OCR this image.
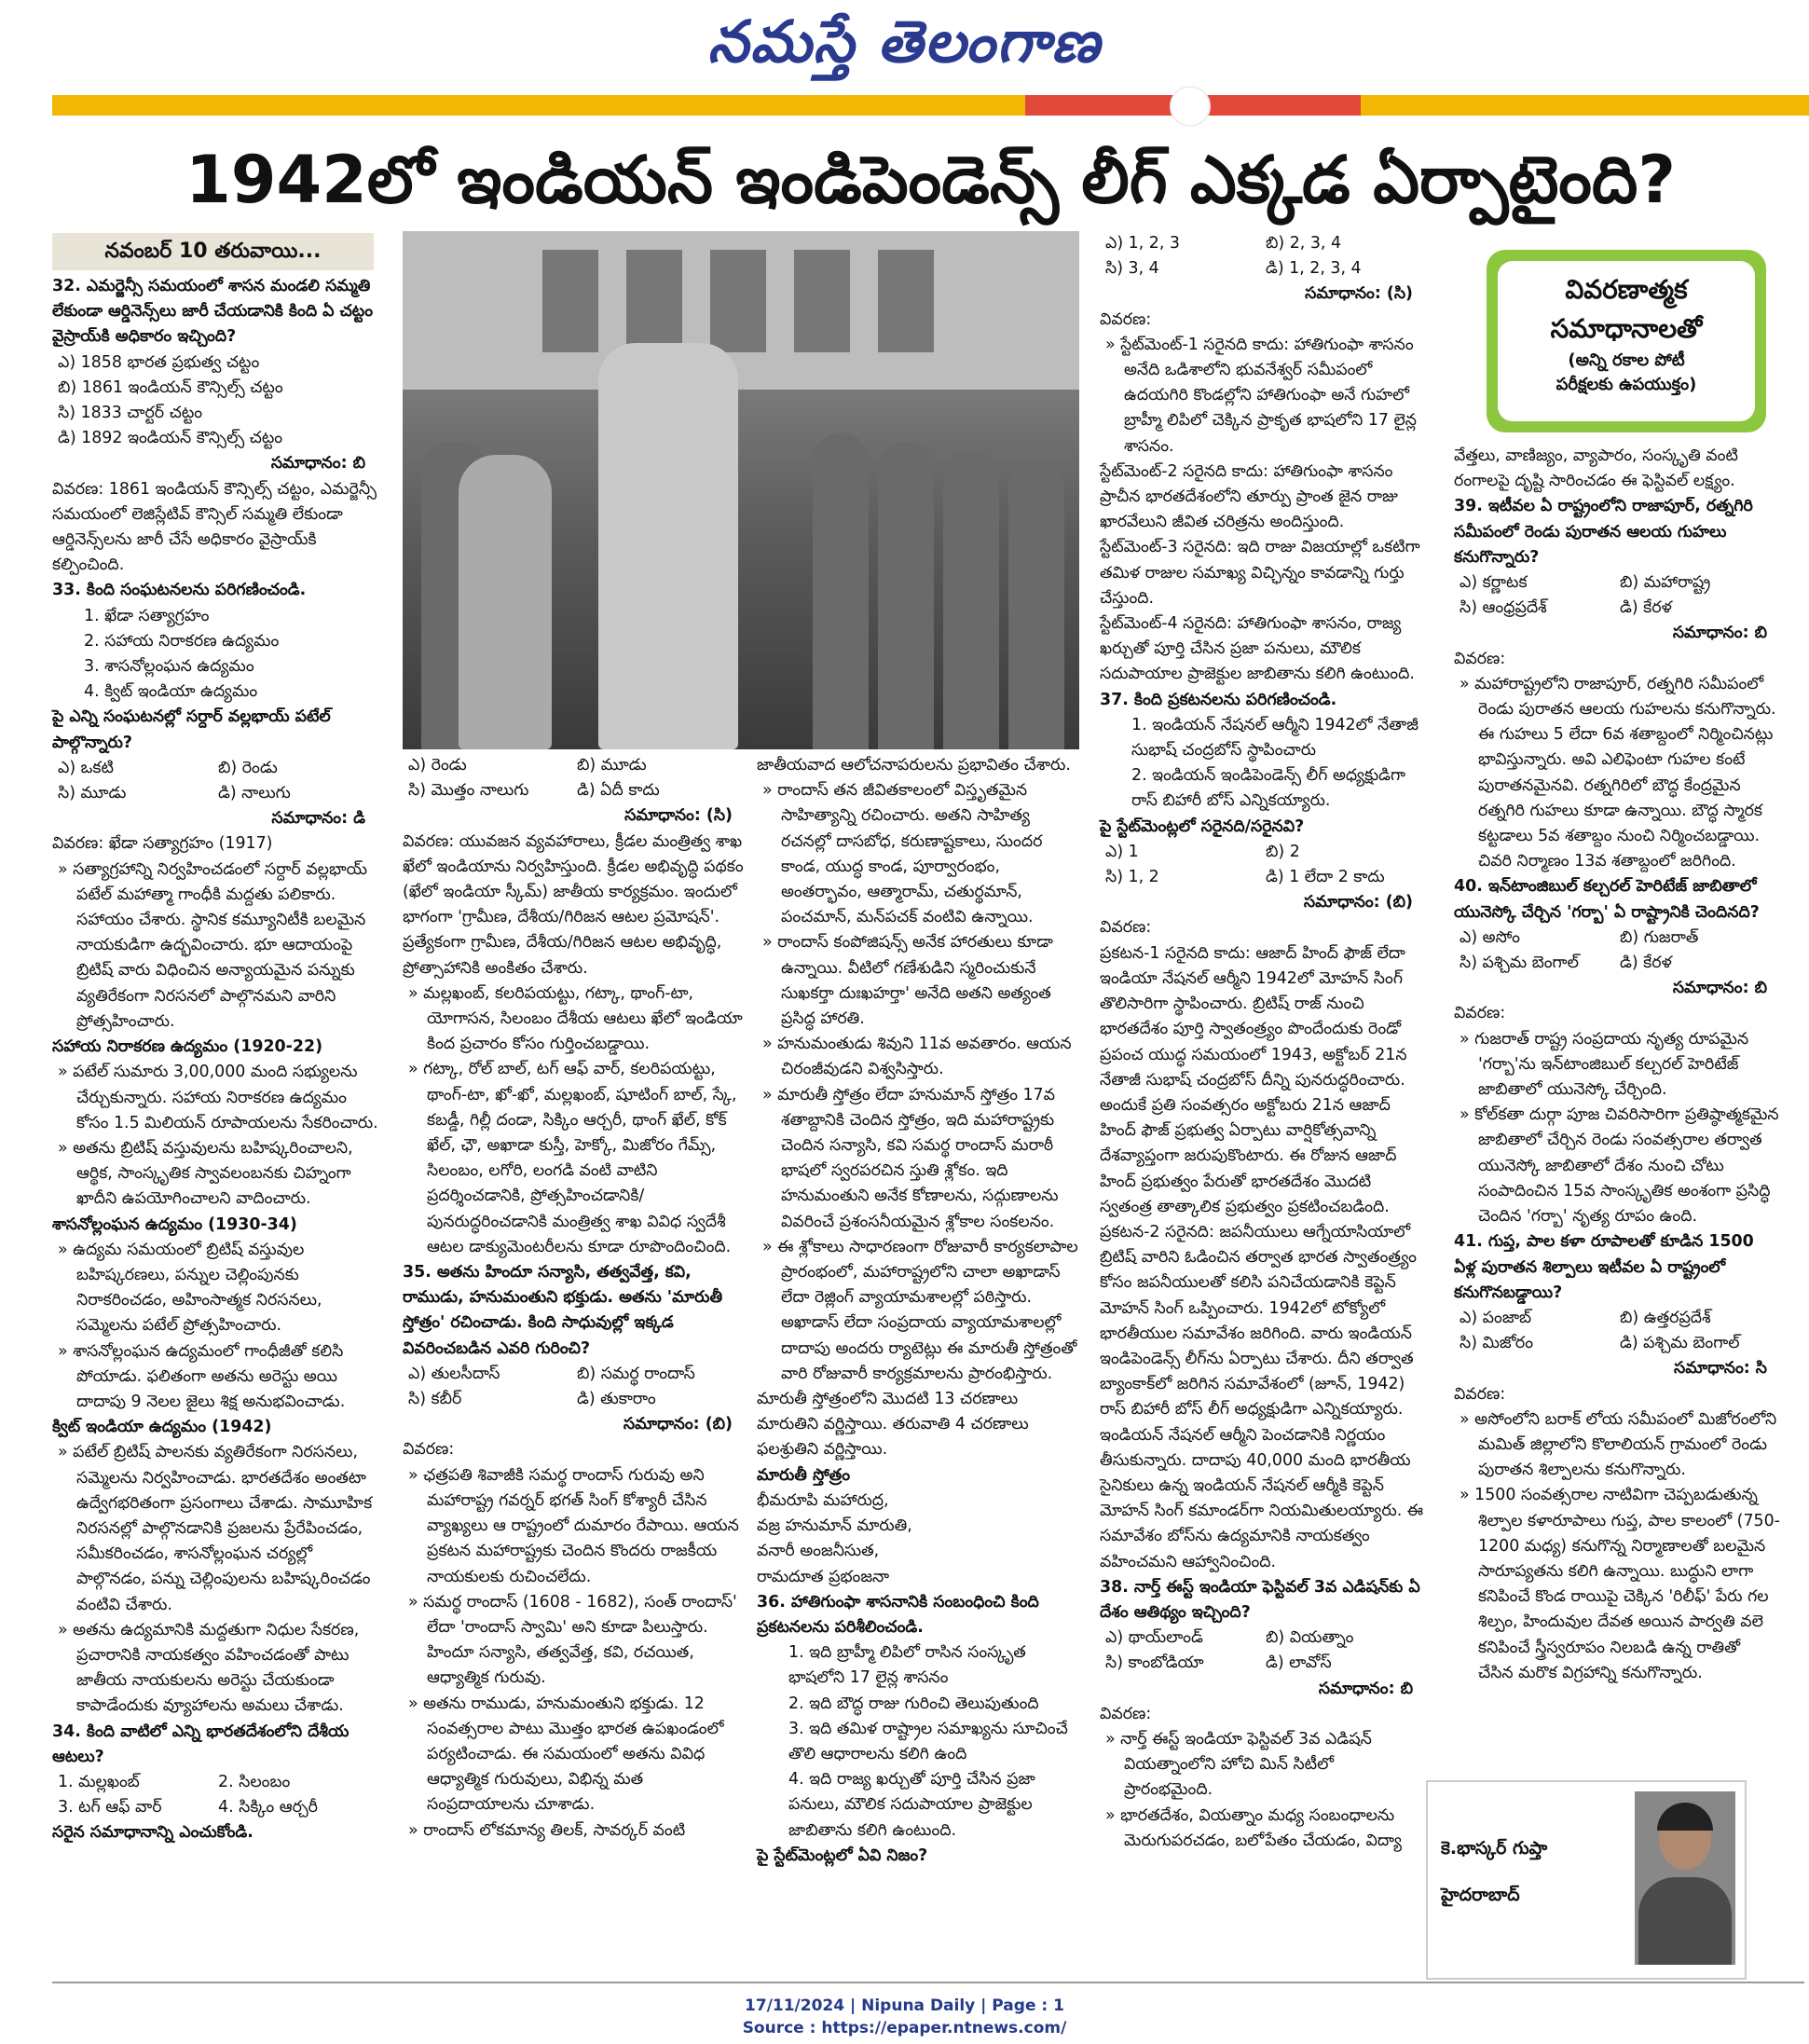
నమస్తే తెలంగాణ
1942లో ఇండియన్ ఇండిపెండెన్స్ లీగ్ ఎక్కడ ఏర్పాటైంది?
నవంబర్ 10 తరువాయి...
వివరణాత్మక
సమాధానాలతో
(అన్ని రకాల పోటీ
పరీక్షలకు ఉపయుక్తం)

32. ఎమర్జెన్సీ సమయంలో శాసన మండలి సమ్మతి లేకుండా ఆర్డినెన్స్‌లు జారీ చేయడానికి కింది ఏ చట్టం వైస్రాయ్‌కి అధికారం ఇచ్చింది?

ఎ) 1858 భారత ప్రభుత్వ చట్టం

బి) 1861 ఇండియన్ కౌన్సిల్స్ చట్టం

సి) 1833 చార్టర్ చట్టం

డి) 1892 ఇండియన్ కౌన్సిల్స్ చట్టం

సమాధానం: బి

వివరణ: 1861 ఇండియన్ కౌన్సిల్స్ చట్టం, ఎమర్జెన్సీ సమయంలో లెజిస్లేటివ్ కౌన్సిల్ సమ్మతి లేకుండా ఆర్డినెన్స్‌లను జారీ చేసే అధికారం వైస్రాయ్‌కి కల్పించింది.

33. కింది సంఘటనలను పరిగణించండి.

1. ఖేడా సత్యాగ్రహం

2. సహాయ నిరాకరణ ఉద్యమం

3. శాసనోల్లంఘన ఉద్యమం

4. క్విట్ ఇండియా ఉద్యమం

పై ఎన్ని సంఘటనల్లో సర్దార్ వల్లభాయ్ పటేల్ పాల్గొన్నారు?

ఎ) ఒకటి	బి) రెండు
సి) మూడు	డి) నాలుగు

సమాధానం: డి

వివరణ: ఖేడా సత్యాగ్రహం (1917)

» సత్యాగ్రహాన్ని నిర్వహించడంలో సర్దార్ వల్లభాయ్ పటేల్ మహాత్మా గాంధీకి మద్దతు పలికారు. సహాయం చేశారు. స్థానిక కమ్యూనిటీకి బలమైన నాయకుడిగా ఉద్భవించారు. భూ ఆదాయంపై బ్రిటిష్ వారు విధించిన అన్యాయమైన పన్నుకు వ్యతిరేకంగా నిరసనలో పాల్గొనమని వారిని ప్రోత్సహించారు.

సహాయ నిరాకరణ ఉద్యమం (1920-22)

» పటేల్ సుమారు 3,00,000 మంది సభ్యులను చేర్చుకున్నారు. సహాయ నిరాకరణ ఉద్యమం కోసం 1.5 మిలియన్ రూపాయలను సేకరించారు.

» అతను బ్రిటిష్ వస్తువులను బహిష్కరించాలని, ఆర్థిక, సాంస్కృతిక స్వావలంబనకు చిహ్నంగా ఖాదీని ఉపయోగించాలని వాదించారు.

శాసనోల్లంఘన ఉద్యమం (1930-34)

» ఉద్యమ సమయంలో బ్రిటిష్ వస్తువుల బహిష్కరణలు, పన్నుల చెల్లింపునకు నిరాకరించడం, అహింసాత్మక నిరసనలు, సమ్మెలను పటేల్ ప్రోత్సహించారు.

» శాసనోల్లంఘన ఉద్యమంలో గాంధీజీతో కలిసి పోయాడు. ఫలితంగా అతను అరెస్టు అయి దాదాపు 9 నెలల జైలు శిక్ష అనుభవించాడు.

క్విట్ ఇండియా ఉద్యమం (1942)

» పటేల్ బ్రిటిష్ పాలనకు వ్యతిరేకంగా నిరసనలు, సమ్మెలను నిర్వహించాడు. భారతదేశం అంతటా ఉద్వేగభరితంగా ప్రసంగాలు చేశాడు. సామూహిక నిరసనల్లో పాల్గొనడానికి ప్రజలను ప్రేరేపించడం, సమీకరించడం, శాసనోల్లంఘన చర్యల్లో పాల్గొనడం, పన్ను చెల్లింపులను బహిష్కరించడం వంటివి చేశారు.

» అతను ఉద్యమానికి మద్దతుగా నిధుల సేకరణ, ప్రచారానికి నాయకత్వం వహించడంతో పాటు జాతీయ నాయకులను అరెస్టు చేయకుండా కాపాడేందుకు వ్యూహాలను అమలు చేశాడు.

34. కింది వాటిలో ఎన్ని భారతదేశంలోని దేశీయ ఆటలు?

1. మల్లఖంబ్	2. సిలంబం
3. టగ్ ఆఫ్ వార్	4. సిక్కిం ఆర్చరీ

సరైన సమాధానాన్ని ఎంచుకోండి.

ఎ) రెండు	బి) మూడు
సి) మొత్తం నాలుగు	డి) ఏదీ కాదు

సమాధానం: (సి)

వివరణ: యువజన వ్యవహారాలు, క్రీడల మంత్రిత్వ శాఖ ఖేలో ఇండియాను నిర్వహిస్తుంది. క్రీడల అభివృద్ధి పథకం (ఖేలో ఇండియా స్కీమ్) జాతీయ కార్యక్రమం. ఇందులో భాగంగా 'గ్రామీణ, దేశీయ/గిరిజన ఆటల ప్రమోషన్'. ప్రత్యేకంగా గ్రామీణ, దేశీయ/గిరిజన ఆటల అభివృద్ధి, ప్రోత్సాహానికి అంకితం చేశారు.

» మల్లఖంబ్, కలరిపయట్టు, గట్కా, థాంగ్-టా, యోగాసన, సిలంబం దేశీయ ఆటలు ఖేలో ఇండియా కింద ప్రచారం కోసం గుర్తించబడ్డాయి.

» గట్కా, రోల్ బాల్, టగ్ ఆఫ్ వార్, కలరిపయట్టు, థాంగ్-టా, ఖో-ఖో, మల్లఖంబ్, షూటింగ్ బాల్, స్కే, కబడ్డీ, గిల్లీ దండా, సిక్కిం ఆర్చరీ, థాంగ్ ఖేల్, కోక్ ఖేల్, ఛౌ, అఖాడా కుస్తీ, హెక్కో, మిజోరం గేమ్స్, సిలంబం, లగోరి, లంగడి వంటి వాటిని ప్రదర్శించడానికి, ప్రోత్సహించడానికి/ పునరుద్ధరించడానికి మంత్రిత్వ శాఖ వివిధ స్వదేశీ ఆటల డాక్యుమెంటరీలను కూడా రూపొందించింది.

35. అతను హిందూ సన్యాసి, తత్వవేత్త, కవి, రాముడు, హనుమంతుని భక్తుడు. అతను 'మారుతీ స్తోత్రం' రచించాడు. కింది సాధువుల్లో ఇక్కడ వివరించబడిన ఎవరి గురించి?

ఎ) తులసీదాస్	బి) సమర్థ రాందాస్
సి) కబీర్	డి) తుకారాం

సమాధానం: (బి)

వివరణ:

» ఛత్రపతి శివాజీకి సమర్థ రాందాస్ గురువు అని మహారాష్ట్ర గవర్నర్ భగత్ సింగ్ కోశ్యారీ చేసిన వ్యాఖ్యలు ఆ రాష్ట్రంలో దుమారం రేపాయి. ఆయన ప్రకటన మహారాష్ట్రకు చెందిన కొందరు రాజకీయ నాయకులకు రుచించలేదు.

» సమర్థ రాందాస్ (1608 - 1682), సంత్ రాందాస్' లేదా 'రాందాస్ స్వామి' అని కూడా పిలుస్తారు. హిందూ సన్యాసి, తత్వవేత్త, కవి, రచయిత, ఆధ్యాత్మిక గురువు.

» అతను రాముడు, హనుమంతుని భక్తుడు. 12 సంవత్సరాల పాటు మొత్తం భారత ఉపఖండంలో పర్యటించాడు. ఈ సమయంలో అతను వివిధ ఆధ్యాత్మిక గురువులు, విభిన్న మత సంప్రదాయాలను చూశాడు.

» రాందాస్ లోకమాన్య తిలక్, సావర్కర్ వంటి

జాతీయవాద ఆలోచనాపరులను ప్రభావితం చేశారు.

» రాందాస్ తన జీవితకాలంలో విస్తృతమైన సాహిత్యాన్ని రచించారు. అతని సాహిత్య రచనల్లో దాసబోధ, కరుణాష్టకాలు, సుందర కాండ, యుద్ధ కాండ, పూర్వారంభం, అంతర్భావం, ఆత్మారామ్, చతుర్థమాన్, పంచమాన్, మన్‌పచక్ వంటివి ఉన్నాయి.

» రాందాస్ కంపోజిషన్స్ అనేక హారతులు కూడా ఉన్నాయి. వీటిలో గణేశుడిని స్మరించుకునే సుఖకర్తా దుఃఖహర్తా' అనేది అతని అత్యంత ప్రసిద్ధ హారతి.

» హనుమంతుడు శివుని 11వ అవతారం. ఆయన చిరంజీవుడని విశ్వసిస్తారు.

» మారుతీ స్తోత్రం లేదా హనుమాన్ స్తోత్రం 17వ శతాబ్దానికి చెందిన స్తోత్రం, ఇది మహారాష్ట్రకు చెందిన సన్యాసి, కవి సమర్థ రాందాస్ మరాఠీ భాషలో స్వరపరచిన స్తుతి శ్లోకం. ఇది హనుమంతుని అనేక కోణాలను, సద్గుణాలను వివరించే ప్రశంసనీయమైన శ్లోకాల సంకలనం.

» ఈ శ్లోకాలు సాధారణంగా రోజువారీ కార్యకలాపాల ప్రారంభంలో, మహారాష్ట్రలోని చాలా అఖాడాస్ లేదా రెజ్లింగ్ వ్యాయామశాలల్లో పఠిస్తారు. అఖాడాస్ లేదా సంప్రదాయ వ్యాయామశాలల్లో దాదాపు అందరు ర్యాటెట్లు ఈ మారుతీ స్తోత్రంతో వారి రోజువారీ కార్యక్రమాలను ప్రారంభిస్తారు.

మారుతీ స్తోత్రంలోని మొదటి 13 చరణాలు మారుతిని వర్ణిస్తాయి. తరువాతి 4 చరణాలు ఫలశ్రుతిని వర్ణిస్తాయి.

మారుతీ స్తోత్రం

భీమరూపి మహారుద్ర,

వజ్ర హనుమాన్ మారుతి,

వనారీ అంజనీసుత,

రామదూత ప్రభంజనా

36. హాతిగుంఫా శాసనానికి సంబంధించి కింది ప్రకటనలను పరిశీలించండి.

1. ఇది బ్రాహ్మీ లిపిలో రాసిన సంస్కృత భాషలోని 17 లైన్ల శాసనం

2. ఇది బౌద్ధ రాజు గురించి తెలుపుతుంది

3. ఇది తమిళ రాష్ట్రాల సమాఖ్యను సూచించే తొలి ఆధారాలను కలిగి ఉంది

4. ఇది రాజ్య ఖర్చుతో పూర్తి చేసిన ప్రజా పనులు, మౌలిక సదుపాయాల ప్రాజెక్టుల జాబితాను కలిగి ఉంటుంది.

పై స్టేట్‌మెంట్లలో ఏవి నిజం?

ఎ) 1, 2, 3	బి) 2, 3, 4
సి) 3, 4	డి) 1, 2, 3, 4

సమాధానం: (సి)

వివరణ:

» స్టేట్‌మెంట్-1 సరైనది కాదు: హాతిగుంఫా శాసనం అనేది ఒడిశాలోని భువనేశ్వర్ సమీపంలో ఉదయగిరి కొండల్లోని హాతిగుంఫా అనే గుహలో బ్రాహ్మీ లిపిలో చెక్కిన ప్రాకృత భాషలోని 17 లైన్ల శాసనం.

స్టేట్‌మెంట్-2 సరైనది కాదు: హాతిగుంఫా శాసనం ప్రాచీన భారతదేశంలోని తూర్పు ప్రాంత జైన రాజు ఖారవేలుని జీవిత చరిత్రను అందిస్తుంది.

స్టేట్‌మెంట్-3 సరైనది: ఇది రాజు విజయాల్లో ఒకటిగా తమిళ రాజుల సమాఖ్య విచ్ఛిన్నం కావడాన్ని గుర్తు చేస్తుంది.

స్టేట్‌మెంట్-4 సరైనది: హాతిగుంఫా శాసనం, రాజ్య ఖర్చుతో పూర్తి చేసిన ప్రజా పనులు, మౌలిక సదుపాయాల ప్రాజెక్టుల జాబితాను కలిగి ఉంటుంది.

37. కింది ప్రకటనలను పరిగణించండి.

1. ఇండియన్ నేషనల్ ఆర్మీని 1942లో నేతాజీ సుభాష్ చంద్రబోస్ స్థాపించారు

2. ఇండియన్ ఇండిపెండెన్స్ లీగ్ అధ్యక్షుడిగా రాస్ బిహారీ బోస్ ఎన్నికయ్యారు.

పై స్టేట్‌మెంట్లలో సరైనది/సరైనవి?

ఎ) 1	బి) 2
సి) 1, 2	డి) 1 లేదా 2 కాదు

సమాధానం: (బి)

వివరణ:

ప్రకటన-1 సరైనది కాదు: ఆజాద్ హింద్ ఫౌజ్ లేదా ఇండియా నేషనల్ ఆర్మీని 1942లో మోహన్ సింగ్ తొలిసారిగా స్థాపించారు. బ్రిటిష్ రాజ్ నుంచి భారతదేశం పూర్తి స్వాతంత్ర్యం పొందేందుకు రెండో ప్రపంచ యుద్ధ సమయంలో 1943, అక్టోబర్ 21న నేతాజీ సుభాష్ చంద్రబోస్ దీన్ని పునరుద్ధరించారు. అందుకే ప్రతి సంవత్సరం అక్టోబరు 21న ఆజాద్ హింద్ ఫౌజ్ ప్రభుత్వ ఏర్పాటు వార్షికోత్సవాన్ని దేశవ్యాప్తంగా జరుపుకొంటారు. ఈ రోజున ఆజాద్ హింద్ ప్రభుత్వం పేరుతో భారతదేశం మొదటి స్వతంత్ర తాత్కాలిక ప్రభుత్వం ప్రకటించబడింది.

ప్రకటన-2 సరైనది: జపనీయులు ఆగ్నేయాసియాలో బ్రిటిష్ వారిని ఓడించిన తర్వాత భారత స్వాతంత్ర్యం కోసం జపనీయులతో కలిసి పనిచేయడానికి కెప్టెన్ మోహన్ సింగ్ ఒప్పించారు. 1942లో టోక్యోలో భారతీయుల సమావేశం జరిగింది. వారు ఇండియన్ ఇండిపెండెన్స్ లీగ్‌ను ఏర్పాటు చేశారు. దీని తర్వాత బ్యాంకాక్‌లో జరిగిన సమావేశంలో (జూన్, 1942) రాస్ బిహారీ బోస్ లీగ్ అధ్యక్షుడిగా ఎన్నికయ్యారు. ఇండియన్ నేషనల్ ఆర్మీని పెంచడానికి నిర్ణయం తీసుకున్నారు. దాదాపు 40,000 మంది భారతీయ సైనికులు ఉన్న ఇండియన్ నేషనల్ ఆర్మీకి కెప్టెన్ మోహన్ సింగ్ కమాండర్‌గా నియమితులయ్యారు. ఈ సమావేశం బోస్‌ను ఉద్యమానికి నాయకత్వం వహించమని ఆహ్వానించింది.

38. నార్త్ ఈస్ట్ ఇండియా ఫెస్టివల్ 3వ ఎడిషన్‌కు ఏ దేశం ఆతిథ్యం ఇచ్చింది?

ఎ) థాయ్‌లాండ్	బి) వియత్నాం
సి) కాంబోడియా	డి) లావోస్

సమాధానం: బి

వివరణ:

» నార్త్ ఈస్ట్ ఇండియా ఫెస్టివల్ 3వ ఎడిషన్ వియత్నాంలోని హోచి మిన్ సిటీలో ప్రారంభమైంది.

» భారతదేశం, వియత్నాం మధ్య సంబంధాలను మెరుగుపరచడం, బలోపేతం చేయడం, విద్యా

వేత్తలు, వాణిజ్యం, వ్యాపారం, సంస్కృతి వంటి రంగాలపై దృష్టి సారించడం ఈ ఫెస్టివల్ లక్ష్యం.

39. ఇటీవల ఏ రాష్ట్రంలోని రాజాపూర్, రత్నగిరి సమీపంలో రెండు పురాతన ఆలయ గుహలు కనుగొన్నారు?

ఎ) కర్ణాటక	బి) మహారాష్ట్ర
సి) ఆంధ్రప్రదేశ్	డి) కేరళ

సమాధానం: బి

వివరణ:

» మహారాష్ట్రలోని రాజాపూర్, రత్నగిరి సమీపంలో రెండు పురాతన ఆలయ గుహలను కనుగొన్నారు. ఈ గుహలు 5 లేదా 6వ శతాబ్దంలో నిర్మించినట్లు భావిస్తున్నారు. అవి ఎలిఫెంటా గుహల కంటే పురాతనమైనవి. రత్నగిరిలో బౌద్ధ కేంద్రమైన రత్నగిరి గుహలు కూడా ఉన్నాయి. బౌద్ధ స్మారక కట్టడాలు 5వ శతాబ్దం నుంచి నిర్మించబడ్డాయి. చివరి నిర్మాణం 13వ శతాబ్దంలో జరిగింది.

40. ఇన్‌టాంజిబుల్ కల్చరల్ హెరిటేజ్ జాబితాలో యునెస్కో చేర్చిన 'గర్బా' ఏ రాష్ట్రానికి చెందినది?

ఎ) అసోం	బి) గుజరాత్
సి) పశ్చిమ బెంగాల్	డి) కేరళ

సమాధానం: బి

వివరణ:

» గుజరాత్ రాష్ట్ర సంప్రదాయ నృత్య రూపమైన 'గర్బా'ను ఇన్‌టాంజిబుల్ కల్చరల్ హెరిటేజ్ జాబితాలో యునెస్కో చేర్చింది.

» కోల్‌కతా దుర్గా పూజ చివరిసారిగా ప్రతిష్ఠాత్మకమైన జాబితాలో చేర్చిన రెండు సంవత్సరాల తర్వాత యునెస్కో జాబితాలో దేశం నుంచి చోటు సంపాదించిన 15వ సాంస్కృతిక అంశంగా ప్రసిద్ధి చెందిన 'గర్బా' నృత్య రూపం ఉంది.

41. గుప్త, పాల కళా రూపాలతో కూడిన 1500 ఏళ్ల పురాతన శిల్పాలు ఇటీవల ఏ రాష్ట్రంలో కనుగొనబడ్డాయి?

ఎ) పంజాబ్	బి) ఉత్తరప్రదేశ్
సి) మిజోరం	డి) పశ్చిమ బెంగాల్

సమాధానం: సి

వివరణ:

» అసోంలోని బరాక్ లోయ సమీపంలో మిజోరంలోని మమిత్ జిల్లాలోని కొలాలియన్ గ్రామంలో రెండు పురాతన శిల్పాలను కనుగొన్నారు.

» 1500 సంవత్సరాల నాటివిగా చెప్పబడుతున్న శిల్పాల కళారూపాలు గుప్త, పాల కాలంలో (750-1200 మధ్య) కనుగొన్న నిర్మాణాలతో బలమైన సారూప్యతను కలిగి ఉన్నాయి. బుద్ధుని లాగా కనిపించే కొండ రాయిపై చెక్కిన 'రిలీఫ్' పేరు గల శిల్పం, హిందువుల దేవత అయిన పార్వతి వలె కనిపించే స్త్రీస్వరూపం నిలబడి ఉన్న రాతితో చేసిన మరొక విగ్రహాన్ని కనుగొన్నారు.

కె.భాస్కర్ గుప్తా
హైదరాబాద్
17/11/2024 | Nipuna Daily | Page : 1
Source : https://epaper.ntnews.com/
